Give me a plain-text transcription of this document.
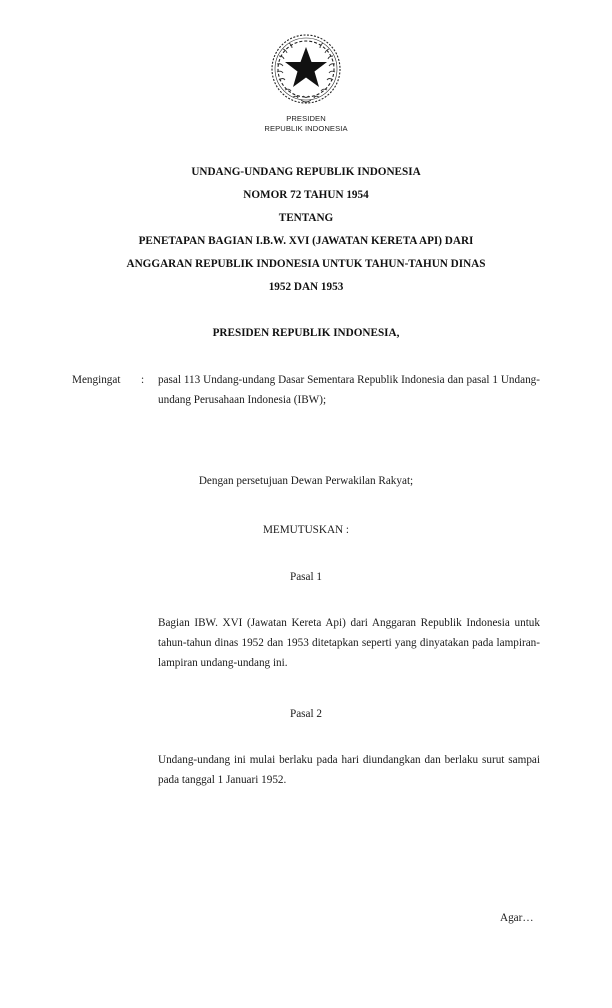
PRESIDEN
REPUBLIK INDONESIA
UNDANG-UNDANG REPUBLIK INDONESIA
NOMOR 72 TAHUN 1954
TENTANG
PENETAPAN BAGIAN I.B.W. XVI (JAWATAN KERETA API) DARI
ANGGARAN REPUBLIK INDONESIA UNTUK TAHUN-TAHUN DINAS
1952 DAN 1953
PRESIDEN REPUBLIK INDONESIA,
Mengingat : pasal 113 Undang-undang Dasar Sementara Republik Indonesia dan pasal 1 Undang-undang Perusahaan Indonesia (IBW);
Dengan persetujuan Dewan Perwakilan Rakyat;
MEMUTUSKAN :
Pasal 1
Bagian IBW. XVI (Jawatan Kereta Api) dari Anggaran Republik Indonesia untuk tahun-tahun dinas 1952 dan 1953 ditetapkan seperti yang dinyatakan pada lampiran-lampiran undang-undang ini.
Pasal 2
Undang-undang ini mulai berlaku pada hari diundangkan dan berlaku surut sampai pada tanggal 1 Januari 1952.
Agar…
